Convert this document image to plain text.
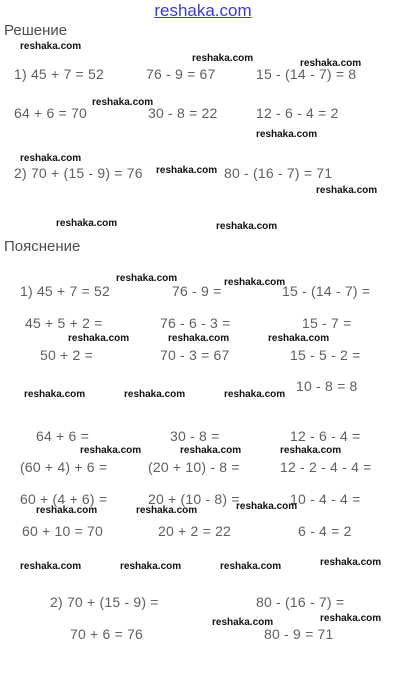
reshaka.com
Решение
1) 45 + 7 = 52	76 - 9 = 67	15 - (14 - 7) = 8
64 + 6 = 70	30 - 8 = 22	12 - 6 - 4 = 2
2) 70 + (15 - 9) = 76	80 - (16 - 7) = 71
Пояснение
1) 45 + 7 = 52	76 - 9 =	15 - (14 - 7) =
45 + 5 + 2 =	76 - 6 - 3 =	15 - 7 =
50 + 2 =	70 - 3 = 67	15 - 5 - 2 =
10 - 8 = 8
64 + 6 =	30 - 8 =	12 - 6 - 4 =
(60 + 4) + 6 =	(20 + 10) - 8 =	12 - 2 - 4 - 4 =
60 + (4 + 6) =	20 + (10 - 8) =	10 - 4 - 4 =
60 + 10 = 70	20 + 2 = 22	6 - 4 = 2
2) 70 + (15 - 9) =	80 - (16 - 7) =
70 + 6 = 76	80 - 9 = 71
reshaka.com
reshaka.com	reshaka.com
reshaka.com
reshaka.com
reshaka.com
reshaka.com
reshaka.com
reshaka.com	reshaka.com
reshaka.com	reshaka.com
reshaka.com	reshaka.com	reshaka.com
reshaka.com	reshaka.com	reshaka.com
reshaka.com	reshaka.com	reshaka.com
reshaka.com	reshaka.com	reshaka.com
reshaka.com	reshaka.com	reshaka.com	reshaka.com
reshaka.com	reshaka.com
